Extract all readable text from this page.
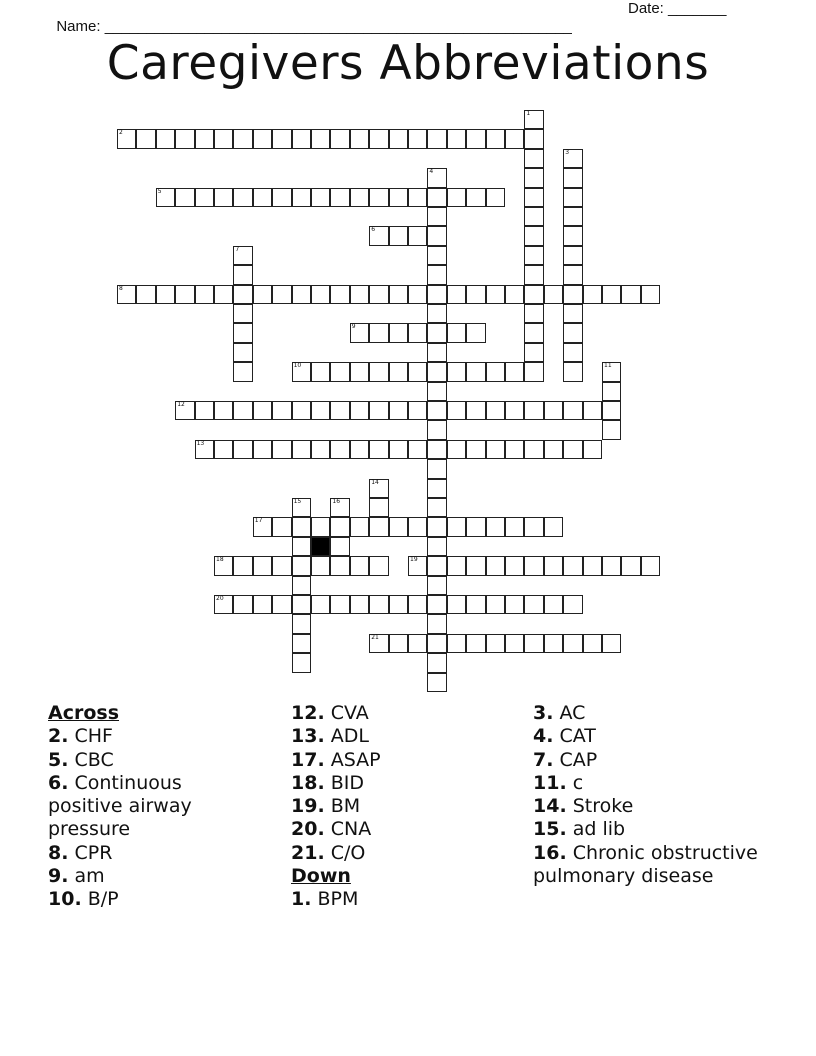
Name: ________________________________________________________

Date: _______

Caregivers Abbreviations
2
5
6
8
9
10
12
13
17
18	19
20
21
1
3
4
7
11
14
15	16
Across
2. CHF
5. CBC
6. Continuous positive airway pressure
8. CPR
9. am
10. B/P
12. CVA
13. ADL
17. ASAP
18. BID
19. BM
20. CNA
21. C/O
Down
1. BPM
3. AC
4. CAT
7. CAP
11. c
14. Stroke
15. ad lib
16. Chronic obstructive pulmonary disease
